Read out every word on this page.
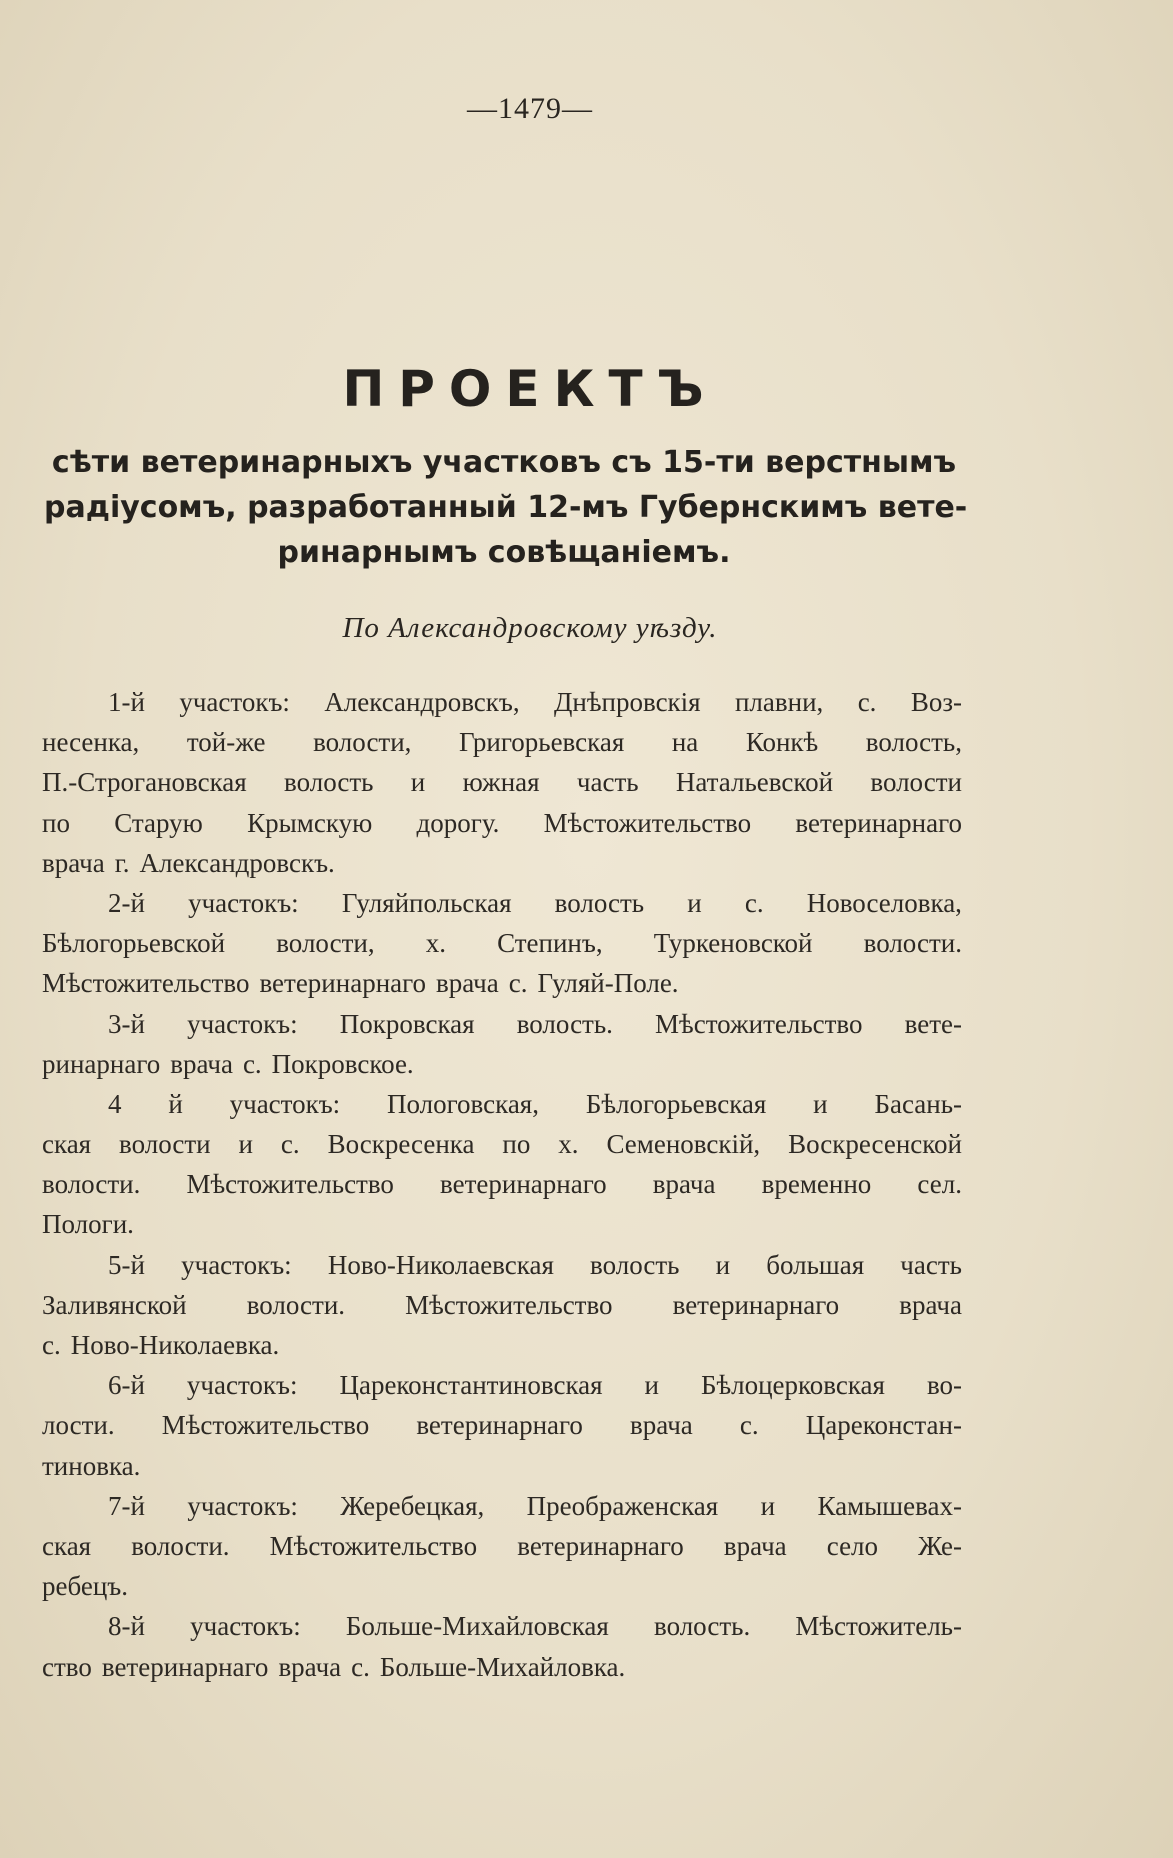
—1479—
ПРОЕКТЪ
сѣти ветеринарныхъ участковъ съ 15-ти верстнымъ
радіусомъ, разработанный 12-мъ Губернскимъ вете-
ринарнымъ совѣщаніемъ.
По Александровскому уѣзду.
1-й участокъ: Александровскъ, Днѣпровскія плавни, с. Воз-
несенка, той-же волости, Григорьевская на Конкѣ волость,
П.-Строгановская волость и южная часть Натальевской волости
по Старую Крымскую дорогу. Мѣстожительство ветеринарнаго
врача г. Александровскъ.
2-й участокъ: Гуляйпольская волость и с. Новоселовка,
Бѣлогорьевской волости, х. Степинъ, Туркеновской волости.
Мѣстожительство ветеринарнаго врача с. Гуляй-Поле.
3-й участокъ: Покровская волость. Мѣстожительство вете-
ринарнаго врача с. Покровское.
4 й участокъ: Пологовская, Бѣлогорьевская и Басань-
ская волости и с. Воскресенка по х. Семеновскій, Воскресенской
волости. Мѣстожительство ветеринарнаго врача временно сел.
Пологи.
5-й участокъ: Ново-Николаевская волость и большая часть
Заливянской волости. Мѣстожительство ветеринарнаго врача
с. Ново-Николаевка.
6-й участокъ: Цареконстантиновская и Бѣлоцерковская во-
лости. Мѣстожительство ветеринарнаго врача с. Цареконстан-
тиновка.
7-й участокъ: Жеребецкая, Преображенская и Камышевах-
ская волости. Мѣстожительство ветеринарнаго врача село Же-
ребецъ.
8-й участокъ: Больше-Михайловская волость. Мѣстожитель-
ство ветеринарнаго врача с. Больше-Михайловка.
